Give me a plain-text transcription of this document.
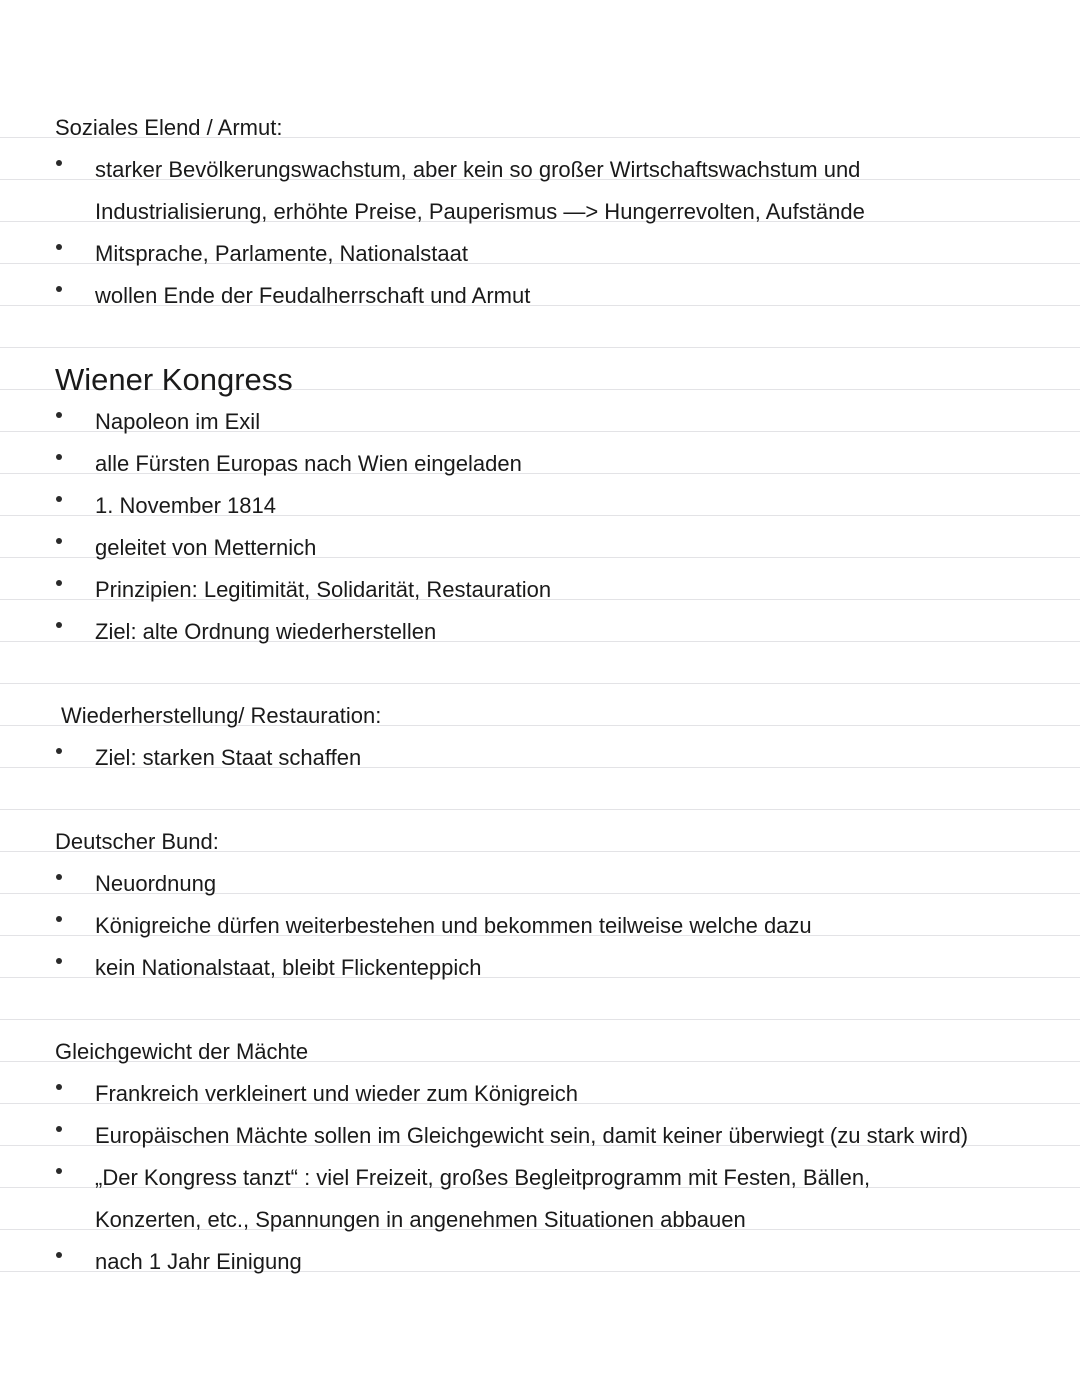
Soziales Elend / Armut:
starker Bevölkerungswachstum, aber kein so großer Wirtschaftswachstum und
Industrialisierung, erhöhte Preise, Pauperismus —> Hungerrevolten, Aufstände
Mitsprache, Parlamente, Nationalstaat
wollen Ende der Feudalherrschaft und Armut
Wiener Kongress
Napoleon im Exil
alle Fürsten Europas nach Wien eingeladen
1. November 1814
geleitet von Metternich
Prinzipien: Legitimität, Solidarität, Restauration
Ziel: alte Ordnung wiederherstellen
Wiederherstellung/ Restauration:
Ziel: starken Staat schaffen
Deutscher Bund:
Neuordnung
Königreiche dürfen weiterbestehen und bekommen teilweise welche dazu
kein Nationalstaat, bleibt Flickenteppich
Gleichgewicht der Mächte
Frankreich verkleinert und wieder zum Königreich
Europäischen Mächte sollen im Gleichgewicht sein, damit keiner überwiegt (zu stark wird)
„Der Kongress tanzt“ : viel Freizeit, großes Begleitprogramm mit Festen, Bällen,
Konzerten, etc., Spannungen in angenehmen Situationen abbauen
nach 1 Jahr Einigung
